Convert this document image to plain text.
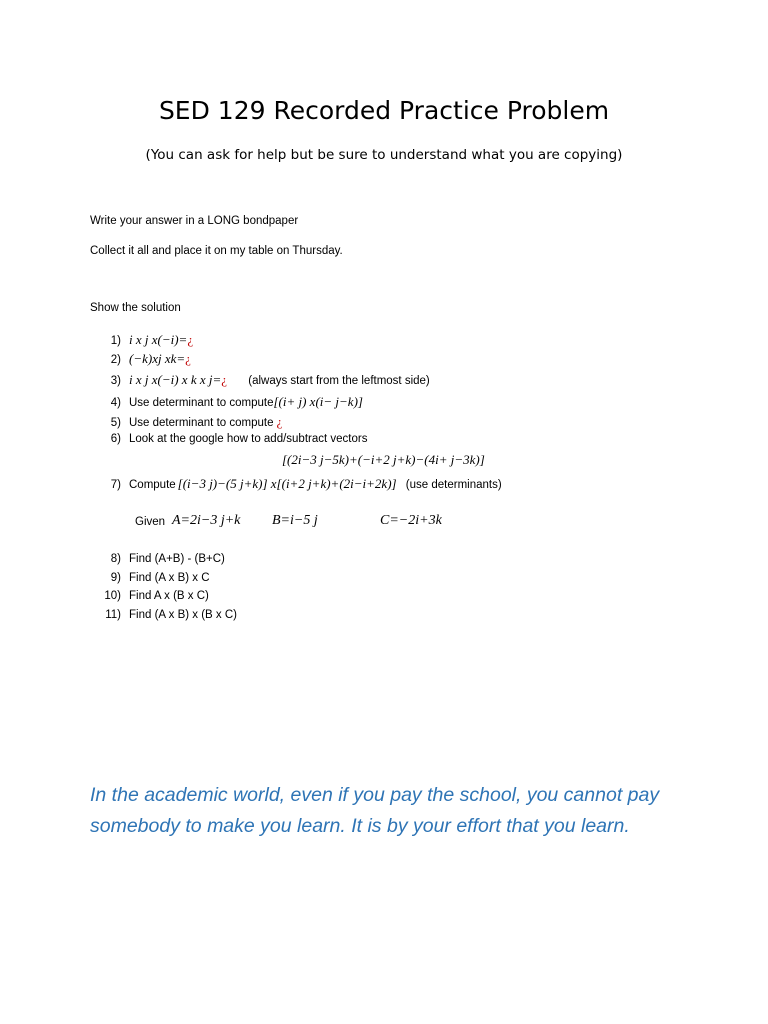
SED 129 Recorded Practice Problem
(You can ask for help but be sure to understand what you are copying)
Write your answer in a LONG bondpaper
Collect it all and place it on my table on Thursday.
Show the solution
1) i x j x(−i)=¿
2) (−k)xj xk=¿
3) i x j x(−i) x k x j=¿ (always start from the leftmost side)
4) Use determinant to compute[(i+ j) x(i− j−k)]
5) Use determinant to compute ¿
6) Look at the google how to add/subtract vectors
[(2i−3 j−5k)+(−i+2 j+k)−(4i+ j−3k)]
7) Compute [(i−3 j)−(5 j+k)] x[(i+2 j+k)+(2i−i+2k)] (use determinants)
Given A=2i−3 j+k B=i−5 j	C=−2i+3k
8) Find (A+B) - (B+C)
9) Find (A x B) x C
10) Find A x (B x C)
11) Find (A x B) x (B x C)
In the academic world, even if you pay the school, you cannot pay somebody to make you learn. It is by your effort that you learn.
